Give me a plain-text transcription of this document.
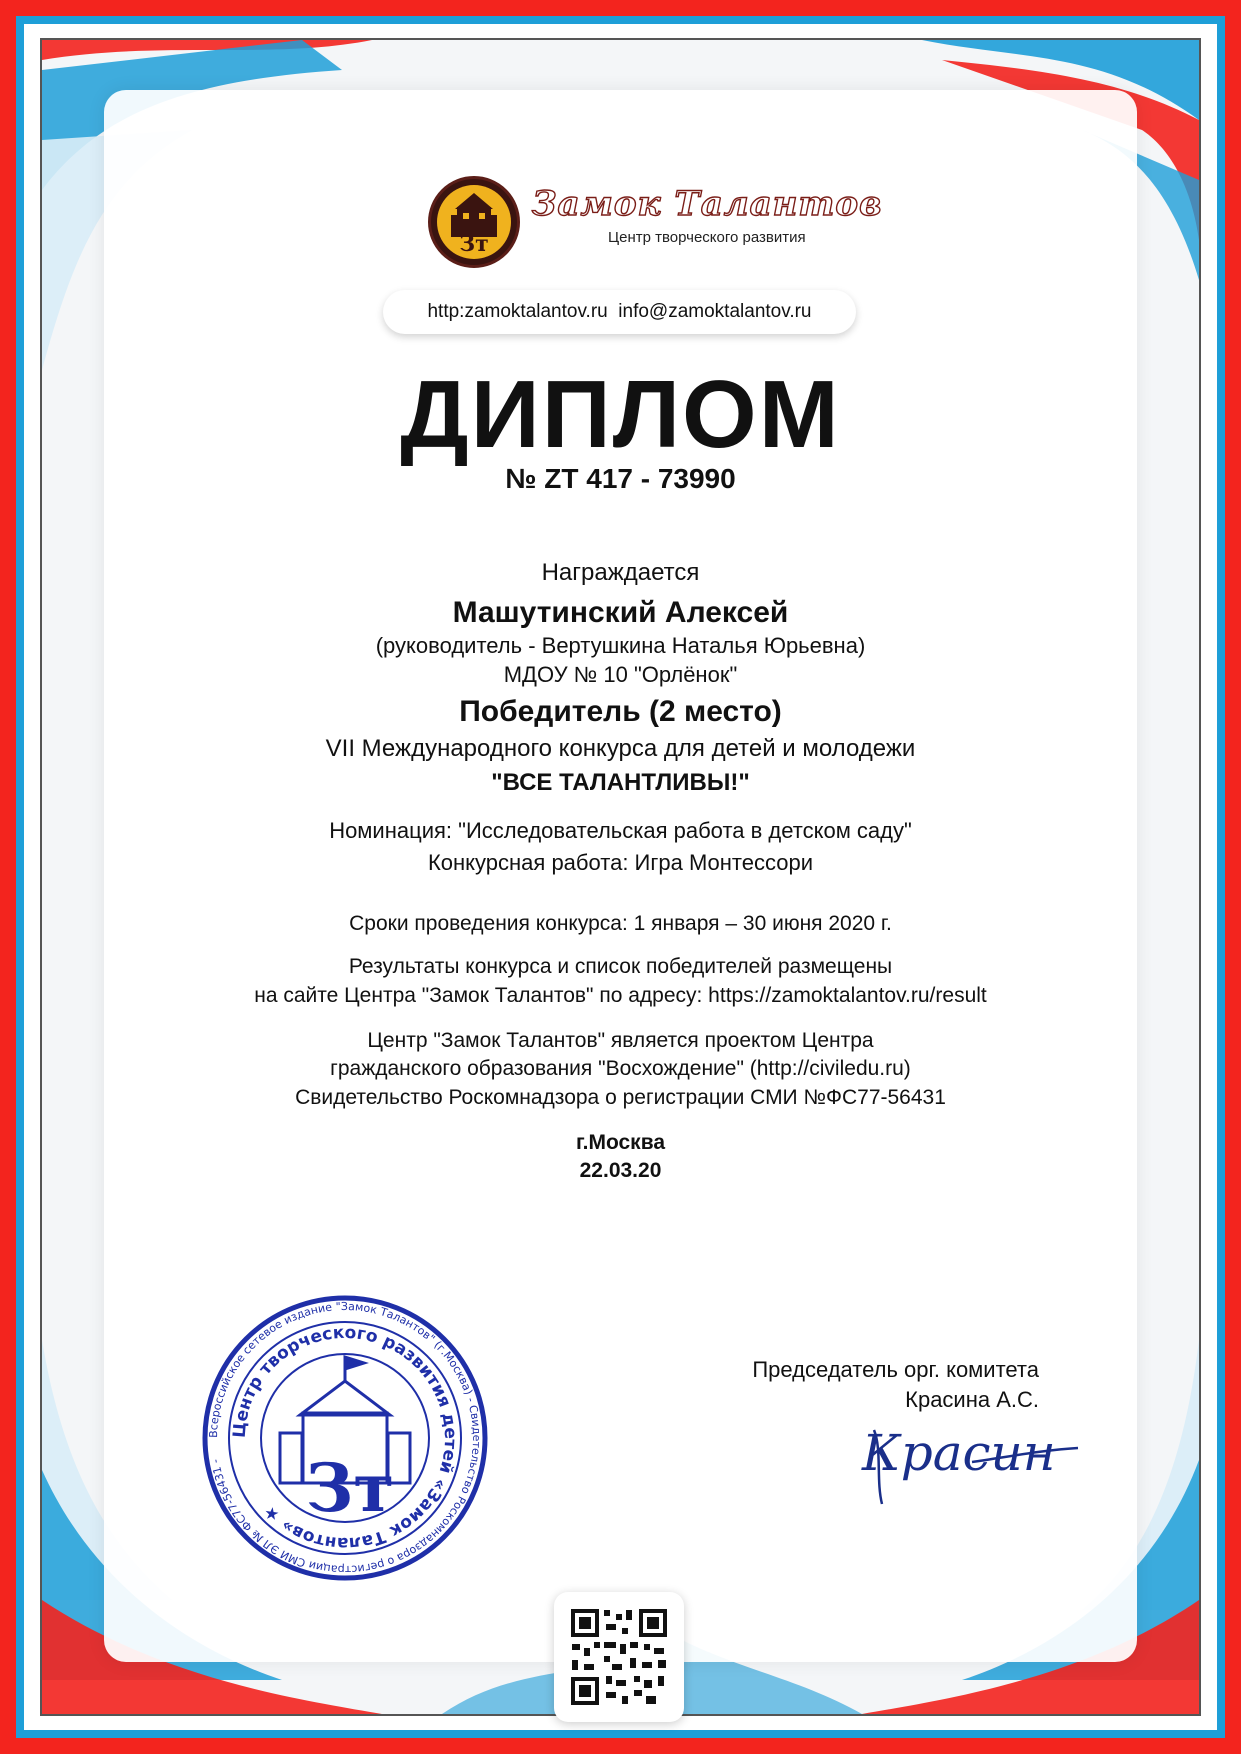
Зт
Замок Талантов
Центр творческого развития
http:zamoktalantov.ru info@zamoktalantov.ru
ДИПЛОМ
№ ZT 417 - 73990
Награждается
Машутинский Алексей
(руководитель - Вертушкина Наталья Юрьевна)
МДОУ № 10 "Орлёнок"
Победитель (2 место)
VII Международного конкурса для детей и молодежи
"ВСЕ ТАЛАНТЛИВЫ!"
Номинация: "Исследовательская работа в детском саду"
Конкурсная работа: Игра Монтессори
Сроки проведения конкурса: 1 января – 30 июня 2020 г.
Результаты конкурса и список победителей размещены
на сайте Центра "Замок Талантов" по адресу: https://zamoktalantov.ru/result
Центр "Замок Талантов" является проектом Центра
гражданского образования "Восхождение" (http://civiledu.ru)
Свидетельство Роскомнадзора о регистрации СМИ №ФС77-56431
г.Москва
22.03.20
Всероссийское сетевое издание "Замок Талантов" (г.Москва) - Свидетельство Роскомнадзора о регистрации СМИ ЭЛ № ФС77-56431 -
Центр творческого развития детей «Замок Талантов» ★ Зт
Председатель орг. комитета
Красина А.С.
Красин
